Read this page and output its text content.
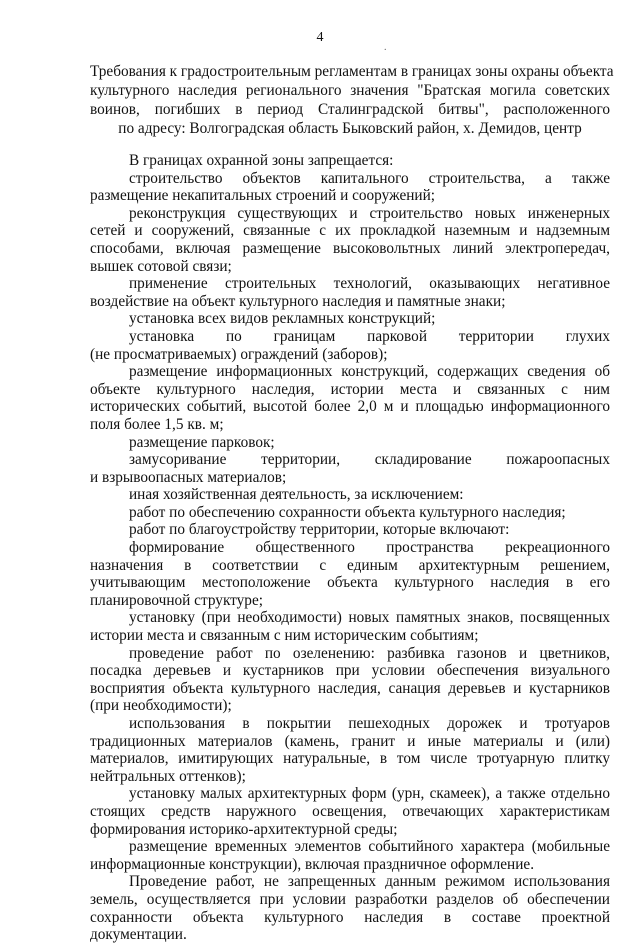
4
.
Требования к градостроительным регламентам в границах зоны охраны объекта
культурного наследия регионального значения "Братская могила советских
воинов, погибших в период Сталинградской битвы", расположенного
по адресу: Волгоградская область Быковский район, х. Демидов, центр
В границах охранной зоны запрещается:
строительство объектов капитального строительства, а также
размещение некапитальных строений и сооружений;
реконструкция существующих и строительство новых инженерных
сетей и сооружений, связанные с их прокладкой наземным и надземным
способами, включая размещение высоковольтных линий электропередач,
вышек сотовой связи;
применение строительных технологий, оказывающих негативное
воздействие на объект культурного наследия и памятные знаки;
установка всех видов рекламных конструкций;
установка по границам парковой территории глухих
(не просматриваемых) ограждений (заборов);
размещение информационных конструкций, содержащих сведения об
объекте культурного наследия, истории места и связанных с ним
исторических событий, высотой более 2,0 м и площадью информационного
поля более 1,5 кв. м;
размещение парковок;
замусоривание территории, складирование пожароопасных
и взрывоопасных материалов;
иная хозяйственная деятельность, за исключением:
работ по обеспечению сохранности объекта культурного наследия;
работ по благоустройству территории, которые включают:
формирование общественного пространства рекреационного
назначения в соответствии с единым архитектурным решением,
учитывающим местоположение объекта культурного наследия в его
планировочной структуре;
установку (при необходимости) новых памятных знаков, посвященных
истории места и связанным с ним историческим событиям;
проведение работ по озеленению: разбивка газонов и цветников,
посадка деревьев и кустарников при условии обеспечения визуального
восприятия объекта культурного наследия, санация деревьев и кустарников
(при необходимости);
использования в покрытии пешеходных дорожек и тротуаров
традиционных материалов (камень, гранит и иные материалы и (или)
материалов, имитирующих натуральные, в том числе тротуарную плитку
нейтральных оттенков);
установку малых архитектурных форм (урн, скамеек), а также отдельно
стоящих средств наружного освещения, отвечающих характеристикам
формирования историко-архитектурной среды;
размещение временных элементов событийного характера (мобильные
информационные конструкции), включая праздничное оформление.
Проведение работ, не запрещенных данным режимом использования
земель, осуществляется при условии разработки разделов об обеспечении
сохранности объекта культурного наследия в составе проектной
документации.
